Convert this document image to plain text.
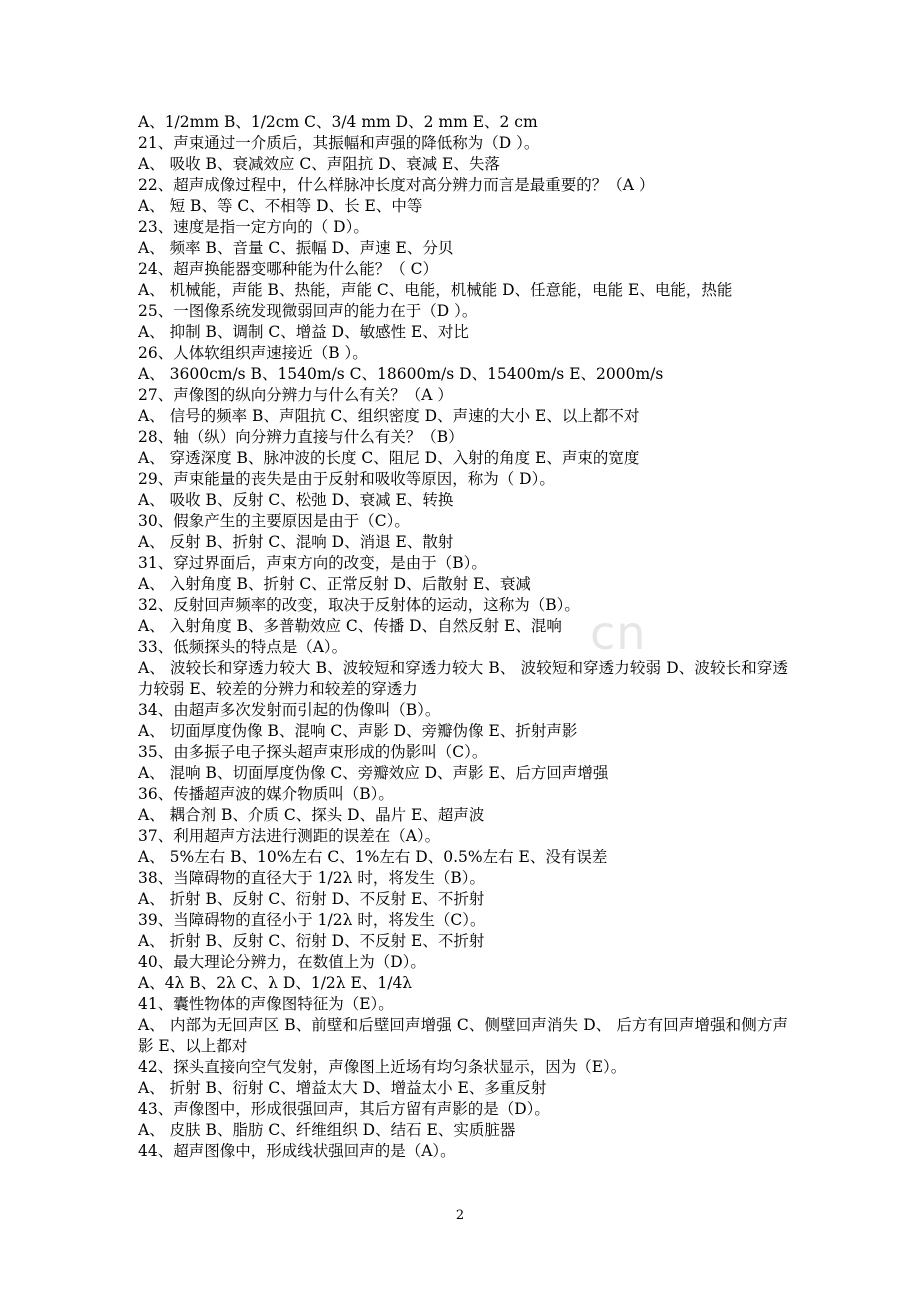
cn
A、1/2mm B、1/2cm C、3/4 mm D、2 mm E、2 cm
21、声束通过一介质后，其振幅和声强的降低称为（D ）。
A、 吸收 B、衰减效应 C、声阻抗 D、衰减 E、失落
22、超声成像过程中，什么样脉冲长度对高分辨力而言是最重要的？（A ）
A、 短 B、等 C、不相等 D、长 E、中等
23、速度是指一定方向的（ D）。
A、 频率 B、音量 C、振幅 D、声速 E、分贝
24、超声换能器变哪种能为什么能？（ C）
A、 机械能，声能 B、热能，声能 C、电能，机械能 D、任意能，电能 E、电能，热能
25、一图像系统发现微弱回声的能力在于（D ）。
A、 抑制 B、调制 C、增益 D、敏感性 E、对比
26、人体软组织声速接近（B ）。
A、 3600cm/s B、1540m/s C、18600m/s D、15400m/s E、2000m/s
27、声像图的纵向分辨力与什么有关？（A ）
A、 信号的频率 B、声阻抗 C、组织密度 D、声速的大小 E、以上都不对
28、轴（纵）向分辨力直接与什么有关？（B）
A、 穿透深度 B、脉冲波的长度 C、阻尼 D、入射的角度 E、声束的宽度
29、声束能量的丧失是由于反射和吸收等原因，称为（ D）。
A、 吸收 B、反射 C、松弛 D、衰减 E、转换
30、假象产生的主要原因是由于（C）。
A、 反射 B、折射 C、混响 D、消退 E、散射
31、穿过界面后，声束方向的改变，是由于（B）。
A、 入射角度 B、折射 C、正常反射 D、后散射 E、衰减
32、反射回声频率的改变，取决于反射体的运动，这称为（B）。
A、 入射角度 B、多普勒效应 C、传播 D、自然反射 E、混响
33、低频探头的特点是（A）。
A、 波较长和穿透力较大 B、波较短和穿透力较大 B、 波较短和穿透力较弱 D、波较长和穿透力较弱 E、较差的分辨力和较差的穿透力
34、由超声多次发射而引起的伪像叫（B）。
A、 切面厚度伪像 B、混响 C、声影 D、旁瓣伪像 E、折射声影
35、由多振子电子探头超声束形成的伪影叫（C）。
A、 混响 B、切面厚度伪像 C、旁瓣效应 D、声影 E、后方回声增强
36、传播超声波的媒介物质叫（B）。
A、 耦合剂 B、介质 C、探头 D、晶片 E、超声波
37、利用超声方法进行测距的误差在（A）。
A、 5%左右 B、10%左右 C、1%左右 D、0.5%左右 E、没有误差
38、当障碍物的直径大于 1/2λ 时，将发生（B）。
A、 折射 B、反射 C、衍射 D、不反射 E、不折射
39、当障碍物的直径小于 1/2λ 时，将发生（C）。
A、 折射 B、反射 C、衍射 D、不反射 E、不折射
40、最大理论分辨力，在数值上为（D）。
A、4λ B、2λ C、λ D、1/2λ E、1/4λ
41、囊性物体的声像图特征为（E）。
A、 内部为无回声区 B、前壁和后壁回声增强 C、侧壁回声消失 D、 后方有回声增强和侧方声影 E、以上都对
42、探头直接向空气发射，声像图上近场有均匀条状显示，因为（E）。
A、 折射 B、衍射 C、增益太大 D、增益太小 E、多重反射
43、声像图中，形成很强回声，其后方留有声影的是（D）。
A、 皮肤 B、脂肪 C、纤维组织 D、结石 E、实质脏器
44、超声图像中，形成线状强回声的是（A）。
2
